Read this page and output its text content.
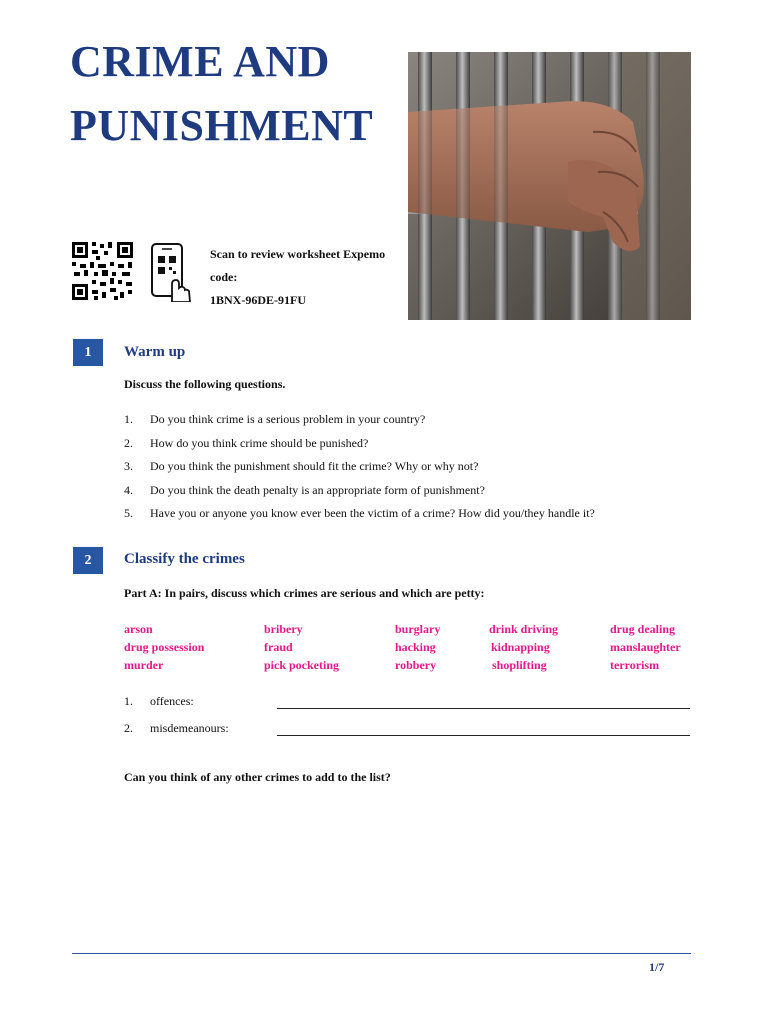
CRIME AND
PUNISHMENT
Scan to review worksheet Expemo
code:
1BNX-96DE-91FU
1	Warm up
Discuss the following questions.
1.	Do you think crime is a serious problem in your country?
2.	How do you think crime should be punished?
3.	Do you think the punishment should fit the crime? Why or why not?
4.	Do you think the death penalty is an appropriate form of punishment?
5.	Have you or anyone you know ever been the victim of a crime? How did you/they handle it?
2	Classify the crimes
Part A: In pairs, discuss which crimes are serious and which are petty:
arson	bribery	burglary	drink driving	drug dealing
drug possession	fraud	hacking	kidnapping	manslaughter
murder	pick pocketing	robbery	shoplifting	terrorism
1. offences:
2. misdemeanours:
Can you think of any other crimes to add to the list?
1/7
